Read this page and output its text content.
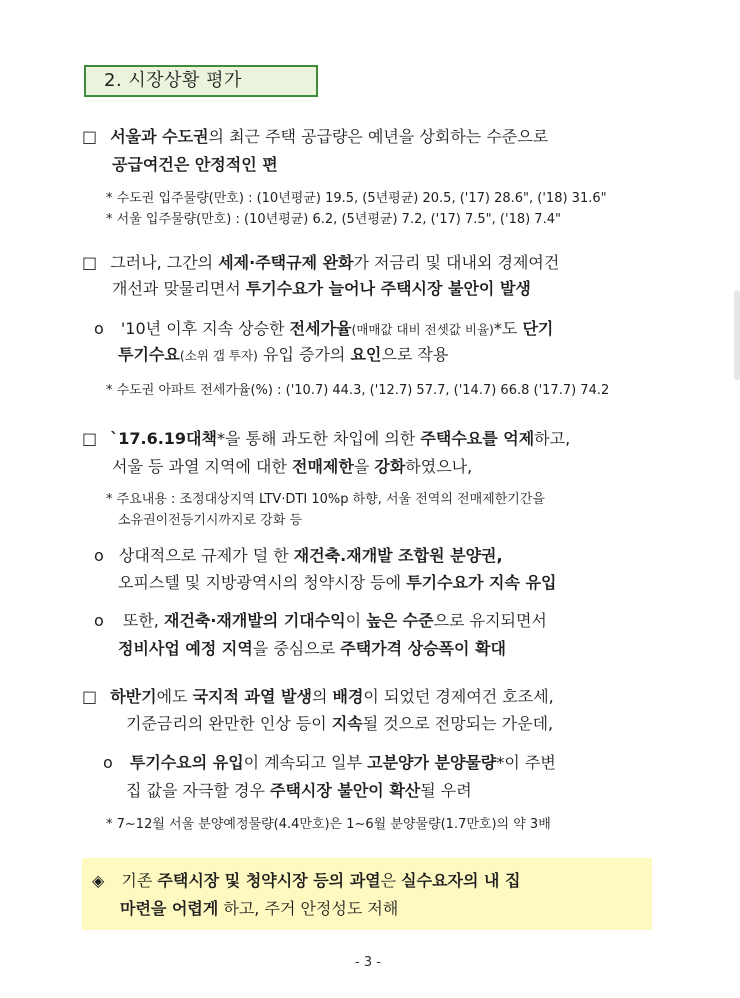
2. 시장상황 평가
□ 서울과 수도권의 최근 주택 공급량은 예년을 상회하는 수준으로
공급여건은 안정적인 편
* 수도권 입주물량(만호) : (10년평균) 19.5, (5년평균) 20.5, ('17) 28.6", ('18) 31.6"
* 서울 입주물량(만호) : (10년평균) 6.2, (5년평균) 7.2, ('17) 7.5", ('18) 7.4"
□ 그러나, 그간의 세제·주택규제 완화가 저금리 및 대내외 경제여건
개선과 맞물리면서 투기수요가 늘어나 주택시장 불안이 발생
o '10년 이후 지속 상승한 전세가율(매매값 대비 전셋값 비율)*도 단기
투기수요(소위 갭 투자) 유입 증가의 요인으로 작용
* 수도권 아파트 전세가율(%) : ('10.7) 44.3, ('12.7) 57.7, ('14.7) 66.8 ('17.7) 74.2
□ `17.6.19대책*을 통해 과도한 차입에 의한 주택수요를 억제하고,
서울 등 과열 지역에 대한 전매제한을 강화하였으나,
* 주요내용 : 조정대상지역 LTV·DTI 10%p 하향, 서울 전역의 전매제한기간을
소유권이전등기시까지로 강화 등
o 상대적으로 규제가 덜 한 재건축.재개발 조합원 분양권,
오피스텔 및 지방광역시의 청약시장 등에 투기수요가 지속 유입
o 또한, 재건축·재개발의 기대수익이 높은 수준으로 유지되면서
정비사업 예정 지역을 중심으로 주택가격 상승폭이 확대
□ 하반기에도 국지적 과열 발생의 배경이 되었던 경제여건 호조세,
기준금리의 완만한 인상 등이 지속될 것으로 전망되는 가운데,
o 투기수요의 유입이 계속되고 일부 고분양가 분양물량*이 주변
집 값을 자극할 경우 주택시장 불안이 확산될 우려
* 7∼12월 서울 분양예정물량(4.4만호)은 1∼6월 분양물량(1.7만호)의 약 3배
◈ 기존 주택시장 및 청약시장 등의 과열은 실수요자의 내 집
마련을 어렵게 하고, 주거 안정성도 저해
- 3 -
